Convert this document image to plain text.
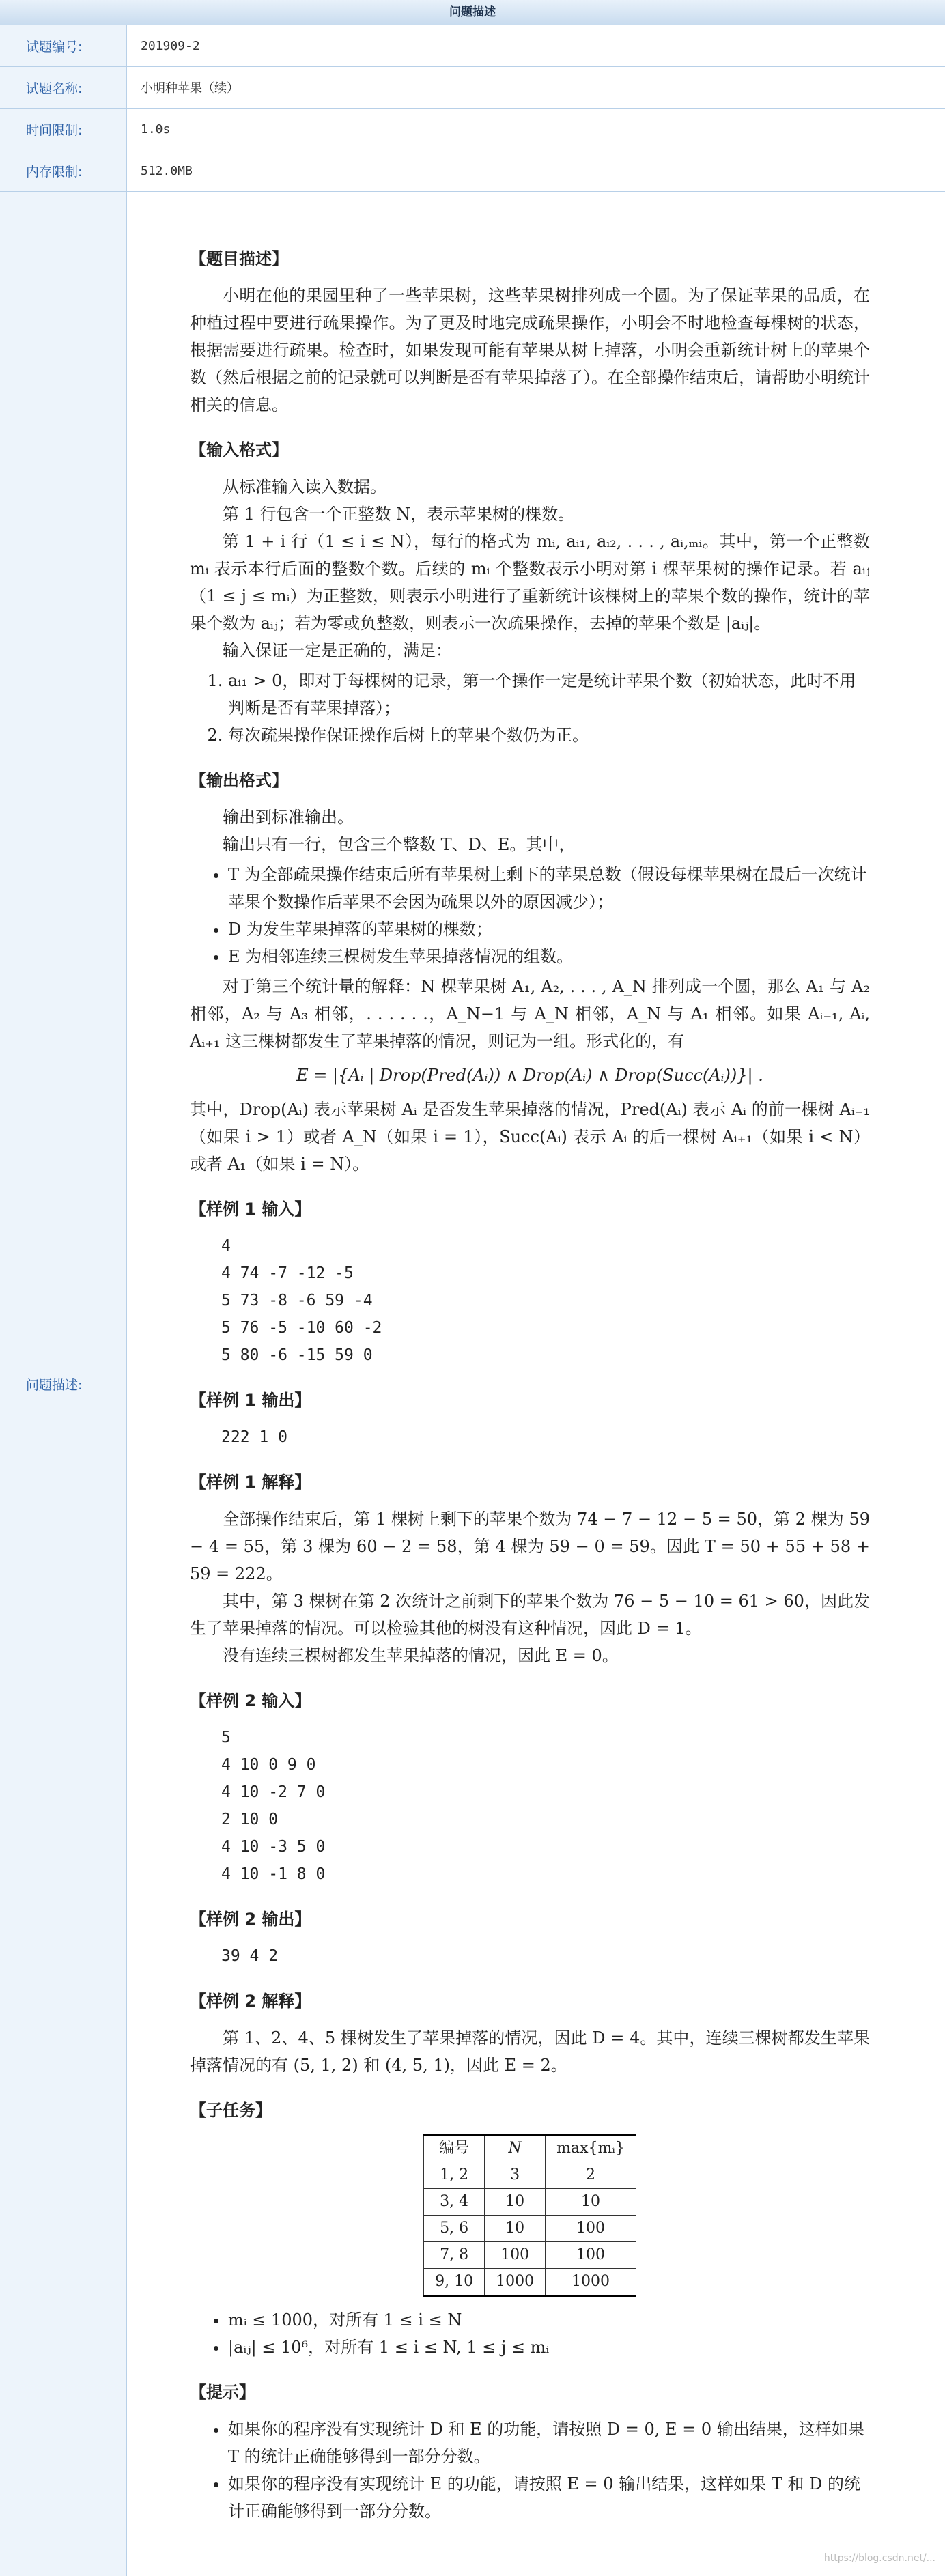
问题描述
试题编号:	201909-2
试题名称:	小明种苹果（续）
时间限制:	1.0s
内存限制:	512.0MB
问题描述:
【题目描述】

小明在他的果园里种了一些苹果树，这些苹果树排列成一个圆。为了保证苹果的品质，在种植过程中要进行疏果操作。为了更及时地完成疏果操作，小明会不时地检查每棵树的状态，根据需要进行疏果。检查时，如果发现可能有苹果从树上掉落，小明会重新统计树上的苹果个数（然后根据之前的记录就可以判断是否有苹果掉落了）。在全部操作结束后，请帮助小明统计相关的信息。

【输入格式】

从标准输入读入数据。

第 1 行包含一个正整数 N，表示苹果树的棵数。

第 1 + i 行（1 ≤ i ≤ N），每行的格式为 mᵢ, aᵢ₁, aᵢ₂, . . . , aᵢ,ₘᵢ。其中，第一个正整数 mᵢ 表示本行后面的整数个数。后续的 mᵢ 个整数表示小明对第 i 棵苹果树的操作记录。若 aᵢⱼ（1 ≤ j ≤ mᵢ）为正整数，则表示小明进行了重新统计该棵树上的苹果个数的操作，统计的苹果个数为 aᵢⱼ；若为零或负整数，则表示一次疏果操作，去掉的苹果个数是 |aᵢⱼ|。

输入保证一定是正确的，满足：

1. aᵢ₁ > 0，即对于每棵树的记录，第一个操作一定是统计苹果个数（初始状态，此时不用判断是否有苹果掉落）；
2. 每次疏果操作保证操作后树上的苹果个数仍为正。
【输出格式】

输出到标准输出。

输出只有一行，包含三个整数 T、D、E。其中，

• T 为全部疏果操作结束后所有苹果树上剩下的苹果总数（假设每棵苹果树在最后一次统计苹果个数操作后苹果不会因为疏果以外的原因减少）；
• D 为发生苹果掉落的苹果树的棵数；
• E 为相邻连续三棵树发生苹果掉落情况的组数。

对于第三个统计量的解释：N 棵苹果树 A₁, A₂, . . . , A_N 排列成一个圆，那么 A₁ 与 A₂ 相邻，A₂ 与 A₃ 相邻，. . . . . .，A_N−1 与 A_N 相邻，A_N 与 A₁ 相邻。如果 Aᵢ₋₁, Aᵢ, Aᵢ₊₁ 这三棵树都发生了苹果掉落的情况，则记为一组。形式化的，有

E = |{Aᵢ | Drop(Pred(Aᵢ)) ∧ Drop(Aᵢ) ∧ Drop(Succ(Aᵢ))}| .

其中，Drop(Aᵢ) 表示苹果树 Aᵢ 是否发生苹果掉落的情况，Pred(Aᵢ) 表示 Aᵢ 的前一棵树 Aᵢ₋₁（如果 i > 1）或者 A_N（如果 i = 1），Succ(Aᵢ) 表示 Aᵢ 的后一棵树 Aᵢ₊₁（如果 i < N）或者 A₁（如果 i = N）。

【样例 1 输入】
4
4 74 -7 -12 -5
5 73 -8 -6 59 -4
5 76 -5 -10 60 -2
5 80 -6 -15 59 0
【样例 1 输出】
222 1 0
【样例 1 解释】

全部操作结束后，第 1 棵树上剩下的苹果个数为 74 − 7 − 12 − 5 = 50，第 2 棵为 59 − 4 = 55，第 3 棵为 60 − 2 = 58，第 4 棵为 59 − 0 = 59。因此 T = 50 + 55 + 58 + 59 = 222。

其中，第 3 棵树在第 2 次统计之前剩下的苹果个数为 76 − 5 − 10 = 61 > 60，因此发生了苹果掉落的情况。可以检验其他的树没有这种情况，因此 D = 1。

没有连续三棵树都发生苹果掉落的情况，因此 E = 0。

【样例 2 输入】
5
4 10 0 9 0
4 10 -2 7 0
2 10 0
4 10 -3 5 0
4 10 -1 8 0
【样例 2 输出】
39 4 2
【样例 2 解释】

第 1、2、4、5 棵树发生了苹果掉落的情况，因此 D = 4。其中，连续三棵树都发生苹果掉落情况的有 (5, 1, 2) 和 (4, 5, 1)，因此 E = 2。

【子任务】
编号	N	max{mᵢ}
1, 2	3	2
3, 4	10	10
5, 6	10	100
7, 8	100	100
9, 10	1000	1000
• mᵢ ≤ 1000，对所有 1 ≤ i ≤ N
• |aᵢⱼ| ≤ 10⁶，对所有 1 ≤ i ≤ N, 1 ≤ j ≤ mᵢ
【提示】
• 如果你的程序没有实现统计 D 和 E 的功能，请按照 D = 0, E = 0 输出结果，这样如果 T 的统计正确能够得到一部分分数。
• 如果你的程序没有实现统计 E 的功能，请按照 E = 0 输出结果，这样如果 T 和 D 的统计正确能够得到一部分分数。
https://blog.csdn.net/...
